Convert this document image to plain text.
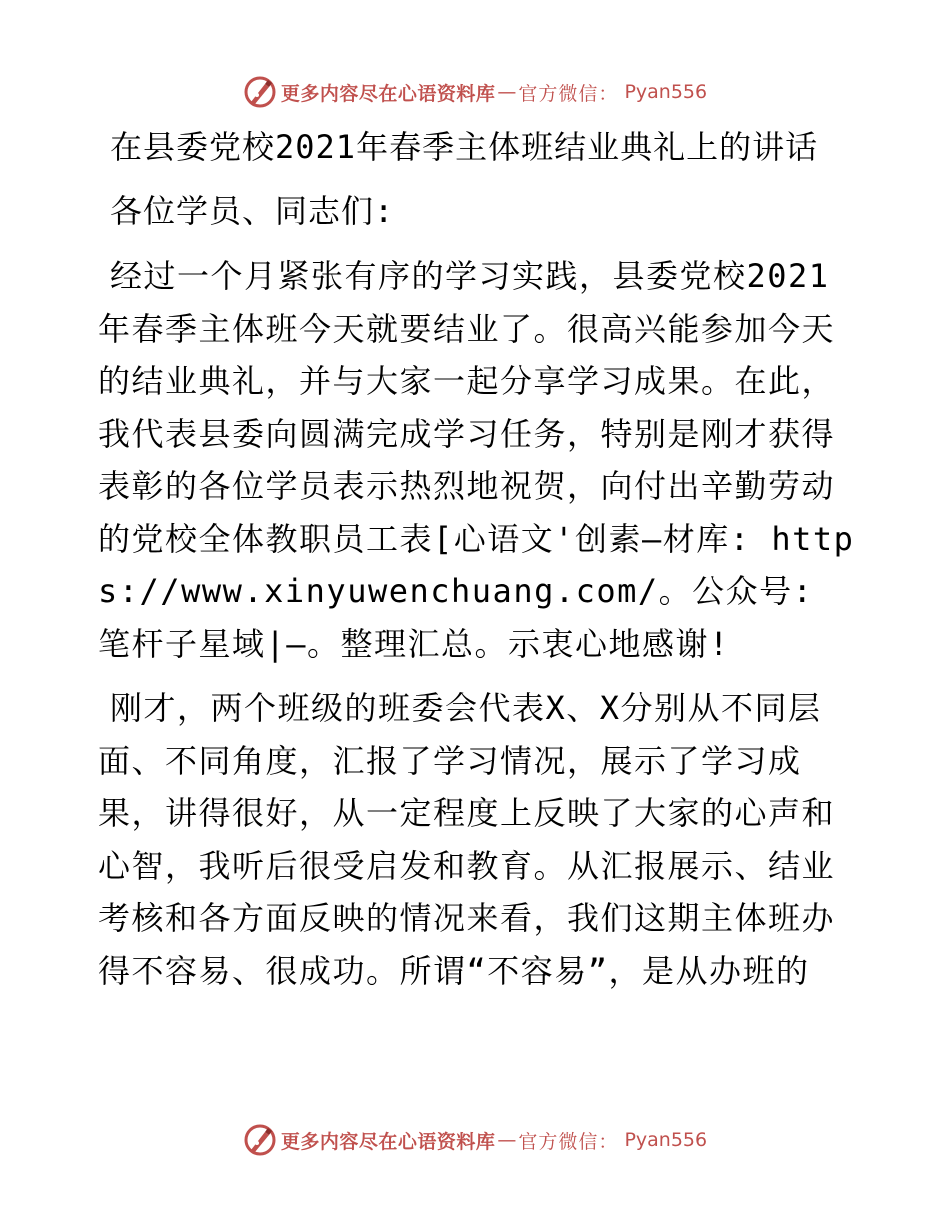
更多内容尽在心语资料库 — 官方微信： Pyan556
在县委党校2021年春季主体班结业典礼上的讲话
各位学员、同志们:

经过一个月紧张有序的学习实践，县委党校2021年春季主体班今天就要结业了。很高兴能参加今天的结业典礼，并与大家一起分享学习成果。在此，我代表县委向圆满完成学习任务，特别是刚才获得表彰的各位学员表示热烈地祝贺，向付出辛勤劳动的党校全体教职员工表[心语文'创素—材库: https://www.xinyuwenchuang.com/。公众号: 笔杆子星域|—。整理汇总。示衷心地感谢!

刚才，两个班级的班委会代表X、X分别从不同层面、不同角度，汇报了学习情况，展示了学习成果，讲得很好，从一定程度上反映了大家的心声和心智，我听后很受启发和教育。从汇报展示、结业考核和各方面反映的情况来看，我们这期主体班办得不容易、很成功。所谓“不容易”，是从办班的

更多内容尽在心语资料库 — 官方微信： Pyan556
